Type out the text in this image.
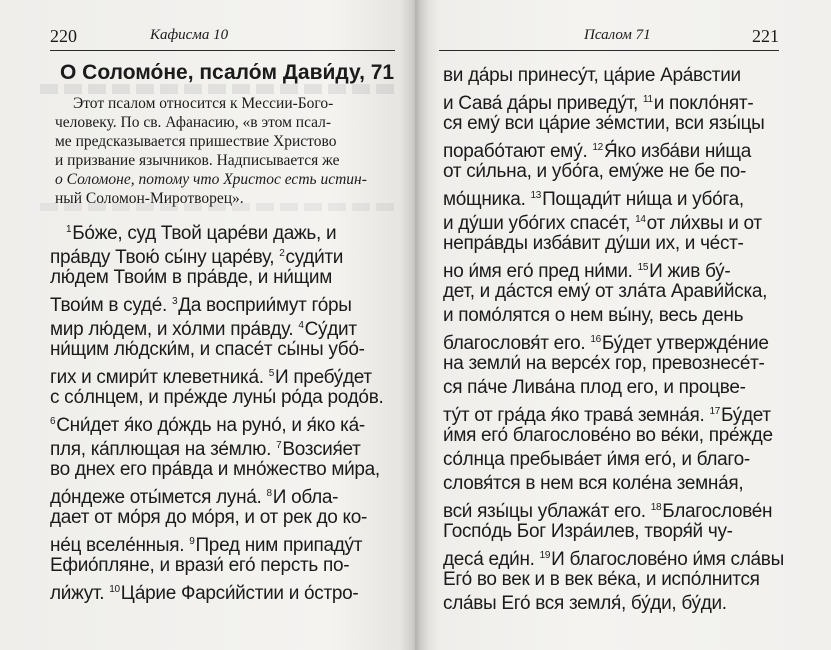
220	Кафисма 10
О Соломо́не, псало́м Дави́ду, 71
Этот псалом относится к Мессии-Бого-
человеку. По св. Афанасию, «в этом псал-
ме предсказывается пришествие Христово
и призвание язычников. Надписывается же
о Соломоне, потому что Христос есть истин-
ный Соломон-Миротворец».
$^1$Бо́же, суд Твой царе́ви дажь, и
пра́вду Твою́ сы́ну царе́ву, $^2$суди́ти
лю́дем Твои́м в пра́вде, и ни́щим
Твои́м в суде́. $^3$Да восприи́мут го́ры
мир лю́дем, и хо́лми пра́вду. $^4$Су́дит
ни́щим лю́дски́м, и спасе́т сы́ны убо́-
гих и смири́т клеветника́. $^5$И пребу́дет
с со́лнцем, и пре́жде луны́ ро́да родо́в.
$^6$Сни́дет я́ко до́ждь на руно́, и я́ко ка́-
пля, ка́плющая на зе́млю. $^7$Возсия́ет
во днех его пра́вда и мно́жество ми́ра,
до́ндеже оты́мется луна́. $^8$И обла-
дает от мо́ря до мо́ря, и от рек до ко-
не́ц вселе́нныя. $^9$Пред ним припаду́т
Ефио́пляне, и врази́ его́ персть по-
ли́жут. $^{10}$Ца́рие Фарси́йстии и о́стро-
Псалом 71	221
ви да́ры принесу́т, ца́рие Ара́встии
и Сава́ да́ры приведу́т, $^{11}$и покло́нят-
ся ему́ вси ца́рие зе́мстии, вси язы́цы
порабо́тают ему́. $^{12}$Я́ко изба́ви ни́ща
от си́льна, и убо́га, ему́же не бе по-
мо́щника. $^{13}$Пощади́т ни́ща и убо́га,
и ду́ши убо́гих спасе́т, $^{14}$от ли́хвы и от
непра́вды изба́вит ду́ши их, и че́ст-
но и́мя его́ пред ни́ми. $^{15}$И жив бу́-
дет, и да́стся ему́ от зла́та Арави́йска,
и помо́лятся о нем вы́ну, весь день
благословя́т его. $^{16}$Бу́дет утвержде́ние
на земли́ на версе́х гор, превознесе́т-
ся па́че Лива́на плод его, и процве-
ту́т от гра́да я́ко трава́ земна́я. $^{17}$Бу́дет
и́мя его́ благослове́но во ве́ки, пре́жде
со́лнца пребыва́ет и́мя его́, и благо-
словя́тся в нем вся коле́на земна́я,
вси́ язы́цы ублажа́т его. $^{18}$Благослове́н
Госпо́дь Бог Изра́илев, творя́й чу-
деса́ еди́н. $^{19}$И благослове́но и́мя сла́вы
Его́ во век и в век ве́ка, и испо́лнится
сла́вы Его́ вся земля́, бу́ди, бу́ди.
